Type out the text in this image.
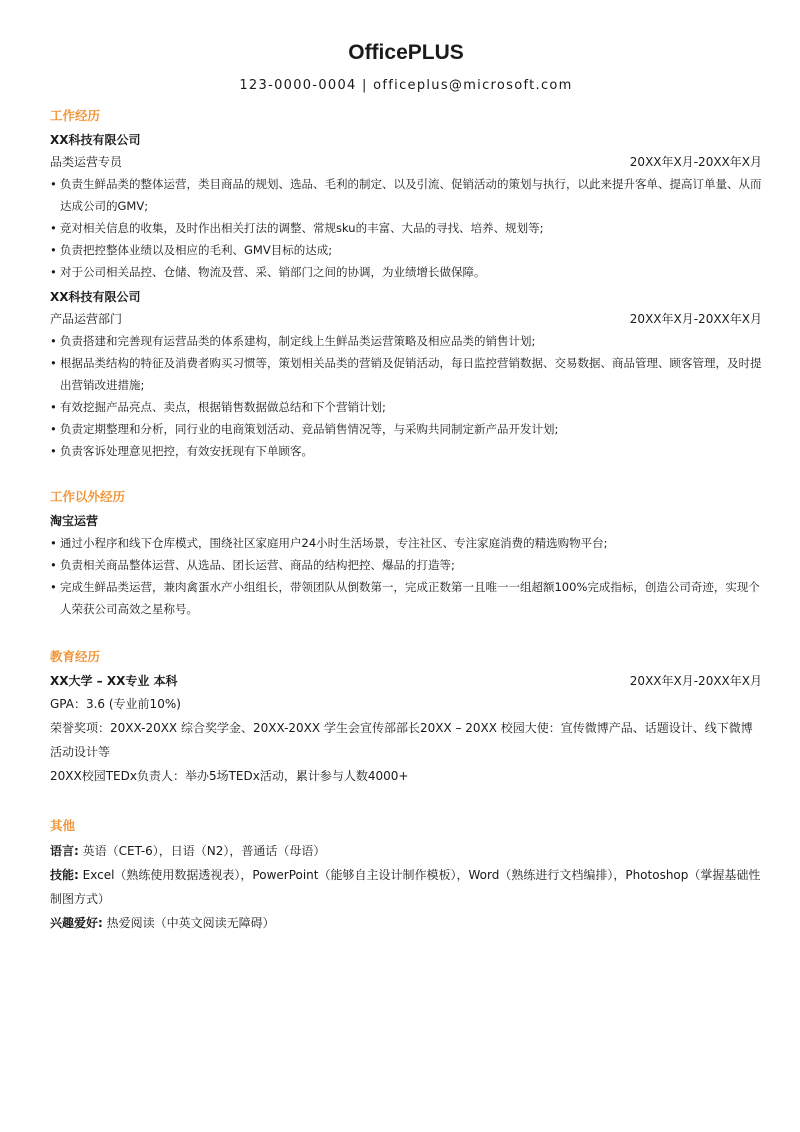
OfficePLUS
123-0000-0004 | officeplus@microsoft.com
工作经历
XX科技有限公司
品类运营专员	20XX年X月-20XX年X月
• 负责生鲜品类的整体运营，类目商品的规划、选品、毛利的制定、以及引流、促销活动的策划与执行，以此来提升客单、提高订单量、从而达成公司的GMV;
• 竞对相关信息的收集，及时作出相关打法的调整、常规sku的丰富、大品的寻找、培养、规划等;
• 负责把控整体业绩以及相应的毛利、GMV目标的达成;
• 对于公司相关品控、仓储、物流及营、采、销部门之间的协调，为业绩增长做保障。
XX科技有限公司
产品运营部门	20XX年X月-20XX年X月
• 负责搭建和完善现有运营品类的体系建构，制定线上生鲜品类运营策略及相应品类的销售计划;
• 根据品类结构的特征及消费者购买习惯等，策划相关品类的营销及促销活动，每日监控营销数据、交易数据、商品管理、顾客管理，及时提出营销改进措施;
• 有效挖掘产品亮点、卖点，根据销售数据做总结和下个营销计划;
• 负责定期整理和分析，同行业的电商策划活动、竞品销售情况等，与采购共同制定新产品开发计划;
• 负责客诉处理意见把控，有效安抚现有下单顾客。
工作以外经历
淘宝运营
• 通过小程序和线下仓库模式，围绕社区家庭用户24小时生活场景，专注社区、专注家庭消费的精选购物平台;
• 负责相关商品整体运营、从选品、团长运营、商品的结构把控、爆品的打造等;
• 完成生鲜品类运营，兼肉禽蛋水产小组组长，带领团队从倒数第一，完成正数第一且唯一一组超额100%完成指标，创造公司奇迹，实现个人荣获公司高效之星称号。
教育经历
XX大学 – XX专业 本科	20XX年X月-20XX年X月
GPA：3.6 (专业前10%)
荣誉奖项：20XX-20XX 综合奖学金、20XX-20XX 学生会宣传部部长20XX – 20XX 校园大使：宣传微博产品、话题设计、线下微博活动设计等
20XX校园TEDx负责人：举办5场TEDx活动，累计参与人数4000+
其他
语言: 英语（CET-6），日语（N2），普通话（母语）
技能: Excel（熟练使用数据透视表），PowerPoint（能够自主设计制作模板），Word（熟练进行文档编排），Photoshop（掌握基础性制图方式）
兴趣爱好: 热爱阅读（中英文阅读无障碍）
